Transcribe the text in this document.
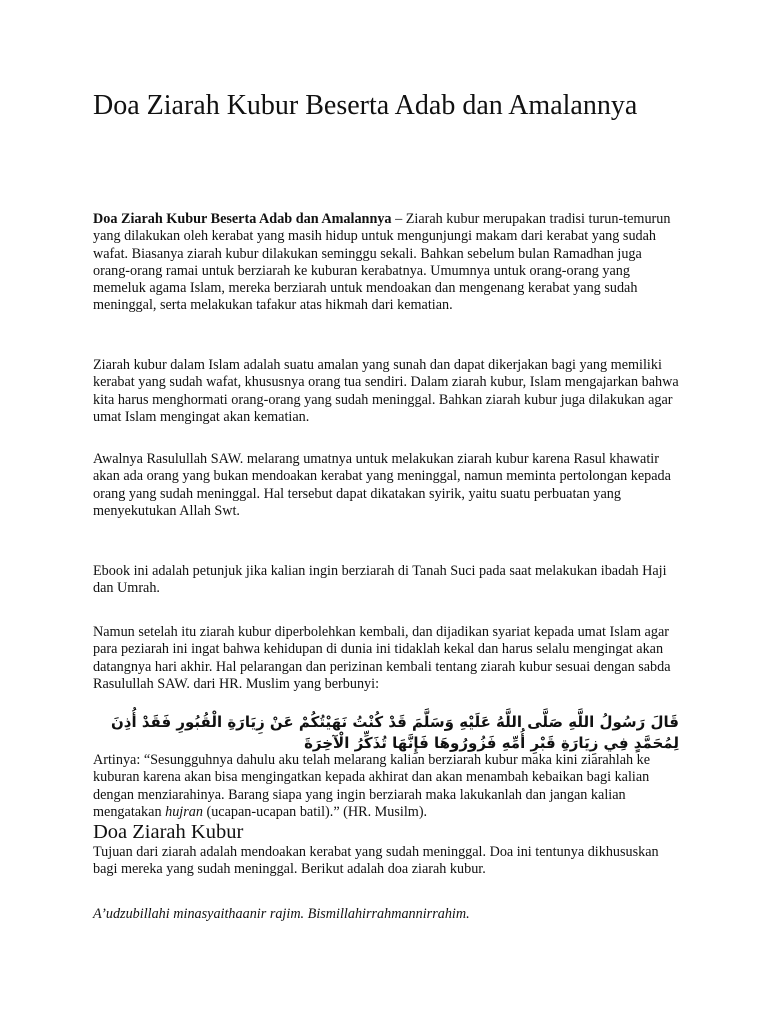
Doa Ziarah Kubur Beserta Adab dan Amalannya

Doa Ziarah Kubur Beserta Adab dan Amalannya – Ziarah kubur merupakan tradisi turun-temurun yang dilakukan oleh kerabat yang masih hidup untuk mengunjungi makam dari kerabat yang sudah wafat. Biasanya ziarah kubur dilakukan seminggu sekali. Bahkan sebelum bulan Ramadhan juga orang-orang ramai untuk berziarah ke kuburan kerabatnya. Umumnya untuk orang-orang yang memeluk agama Islam, mereka berziarah untuk mendoakan dan mengenang kerabat yang sudah meninggal, serta melakukan tafakur atas hikmah dari kematian.

Ziarah kubur dalam Islam adalah suatu amalan yang sunah dan dapat dikerjakan bagi yang memiliki kerabat yang sudah wafat, khususnya orang tua sendiri. Dalam ziarah kubur, Islam mengajarkan bahwa kita harus menghormati orang-orang yang sudah meninggal. Bahkan ziarah kubur juga dilakukan agar umat Islam mengingat akan kematian.

Awalnya Rasulullah SAW. melarang umatnya untuk melakukan ziarah kubur karena Rasul khawatir akan ada orang yang bukan mendoakan kerabat yang meninggal, namun meminta pertolongan kepada orang yang sudah meninggal. Hal tersebut dapat dikatakan syirik, yaitu suatu perbuatan yang menyekutukan Allah Swt.

Ebook ini adalah petunjuk jika kalian ingin berziarah di Tanah Suci pada saat melakukan ibadah Haji dan Umrah.

Namun setelah itu ziarah kubur diperbolehkan kembali, dan dijadikan syariat kepada umat Islam agar para peziarah ini ingat bahwa kehidupan di dunia ini tidaklah kekal dan harus selalu mengingat akan datangnya hari akhir. Hal pelarangan dan perizinan kembali tentang ziarah kubur sesuai dengan sabda Rasulullah SAW. dari HR. Muslim yang berbunyi:

قَالَ رَسُولُ اللَّهِ صَلَّى اللَّهُ عَلَيْهِ وَسَلَّمَ قَدْ كُنْتُ نَهَيْتُكُمْ عَنْ زِيَارَةِ الْقُبُورِ فَقَدْ أُذِنَ لِمُحَمَّدٍ فِي زِيَارَةِ قَبْرِ أُمِّهِ فَزُورُوهَا فَإِنَّهَا تُذَكِّرُ الْآخِرَةَ

Artinya: “Sesungguhnya dahulu aku telah melarang kalian berziarah kubur maka kini ziarahlah ke kuburan karena akan bisa mengingatkan kepada akhirat dan akan menambah kebaikan bagi kalian dengan menziarahinya. Barang siapa yang ingin berziarah maka lakukanlah dan jangan kalian mengatakan hujran (ucapan-ucapan batil).” (HR. Musilm).

Doa Ziarah Kubur

Tujuan dari ziarah adalah mendoakan kerabat yang sudah meninggal. Doa ini tentunya dikhususkan bagi mereka yang sudah meninggal. Berikut adalah doa ziarah kubur.

A’udzubillahi minasyaithaanir rajim. Bismillahirrahmannirrahim.
